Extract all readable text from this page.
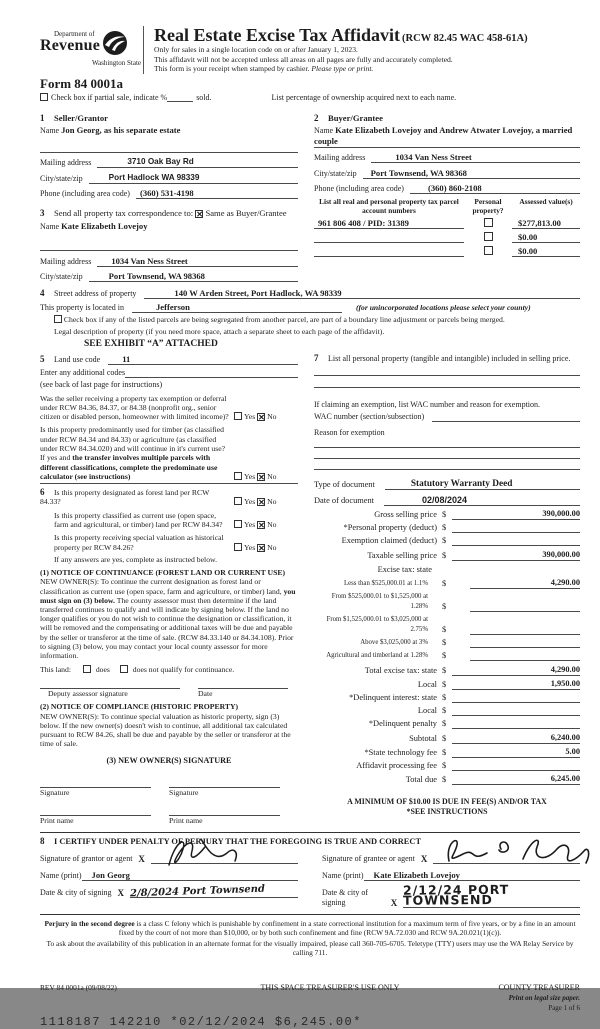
Department of
Revenue
Washington State
Real Estate Excise Tax Affidavit (RCW 82.45 WAC 458-61A)
Only for sales in a single location code on or after January 1, 2023.
This affidavit will not be accepted unless all areas on all pages are fully and accurately completed.
This form is your receipt when stamped by cashier. Please type or print.
Form 84 0001a
Check box if partial sale, indicate %	sold.	List percentage of ownership acquired next to each name.
1 Seller/Grantor
Name Jon Georg, as his separate estate
Mailing address	3710 Oak Bay Rd
City/state/zip	Port Hadlock WA 98339
Phone (including area code)	(360) 531-4198
3 Send all property tax correspondence to: ✕ Same as Buyer/Grantee
Name Kate Elizabeth Lovejoy
Mailing address	1034 Van Ness Street
City/state/zip	Port Townsend, WA 98368
2 Buyer/Grantee
Name Kate Elizabeth Lovejoy and Andrew Atwater Lovejoy, a married couple
Mailing address	1034 Van Ness Street
City/state/zip	Port Townsend, WA 98368
Phone (including area code)	(360) 860-2108
List all real and personal property tax parcel account numbers
Personal property?
Assessed value(s)
961 806 408 / PID: 31389	$277,813.00
$0.00
$0.00
4	Street address of property	140 W Arden Street, Port Hadlock, WA 98339
This property is located in	Jefferson	(for unincorporated locations please select your county)
Check box if any of the listed parcels are being segregated from another parcel, are part of a boundary line adjustment or parcels being merged.
Legal description of property (if you need more space, attach a separate sheet to each page of the affidavit).
SEE EXHIBIT “A” ATTACHED
5	Land use code	11
Enter any additional codes
(see back of last page for instructions)
Was the seller receiving a property tax exemption or deferral under RCW 84.36, 84.37, or 84.38 (nonprofit org., senior citizen or disabled person, homeowner with limited income)?	Yes ✕ No
Is this property predominantly used for timber (as classified under RCW 84.34 and 84.33) or agriculture (as classified under RCW 84.34.020) and will continue in it's current use? If yes and the transfer involves multiple parcels with different classifications, complete the predominate use calculator (see instructions)	Yes ✕ No
6 Is this property designated as forest land per RCW 84.33?	Yes ✕ No
Is this property classified as current use (open space, farm and agricultural, or timber) land per RCW 84.34?	Yes ✕ No
Is this property receiving special valuation as historical property per RCW 84.26?	Yes ✕ No
If any answers are yes, complete as instructed below.
(1) NOTICE OF CONTINUANCE (FOREST LAND OR CURRENT USE)
NEW OWNER(S): To continue the current designation as forest land or classification as current use (open space, farm and agriculture, or timber) land, you must sign on (3) below. The county assessor must then determine if the land transferred continues to qualify and will indicate by signing below. If the land no longer qualifies or you do not wish to continue the designation or classification, it will be removed and the compensating or additional taxes will be due and payable by the seller or transferor at the time of sale. (RCW 84.33.140 or 84.34.108). Prior to signing (3) below, you may contact your local county assessor for more information.
This land:	does	does not qualify for continuance.
Deputy assessor signature	Date
(2) NOTICE OF COMPLIANCE (HISTORIC PROPERTY)
NEW OWNER(S): To continue special valuation as historic property, sign (3) below. If the new owner(s) doesn't wish to continue, all additional tax calculated pursuant to RCW 84.26, shall be due and payable by the seller or transferor at the time of sale.
(3) NEW OWNER(S) SIGNATURE
Signature	Signature
Print name	Print name
7 List all personal property (tangible and intangible) included in selling price.
If claiming an exemption, list WAC number and reason for exemption.
WAC number (section/subsection)
Reason for exemption
Type of document	Statutory Warranty Deed
Date of document	02/08/2024
Gross selling price $	390,000.00
*Personal property (deduct) $
Exemption claimed (deduct) $
Taxable selling price $	390,000.00
Excise tax: state
Less than $525,000.01 at 1.1%	$	4,290.00
From $525,000.01 to $1,525,000 at 1.28%	$
From $1,525,000.01 to $3,025,000 at 2.75%	$
Above $3,025,000 at 3%	$
Agricultural and timberland at 1.28%	$
Total excise tax: state $	4,290.00
Local $	1,950.00
*Delinquent interest: state $
Local $
*Delinquent penalty $
Subtotal $	6,240.00
*State technology fee $	5.00
Affidavit processing fee $
Total due $	6,245.00
A MINIMUM OF $10.00 IS DUE IN FEE(S) AND/OR TAX
*SEE INSTRUCTIONS
8 I CERTIFY UNDER PENALTY OF PERJURY THAT THE FOREGOING IS TRUE AND CORRECT
Signature of grantor or agent X
Name (print)	Jon Georg
Date & city of signing X 2/8/2024 Port Townsend
Signature of grantee or agent X
Name (print)	Kate Elizabeth Lovejoy
Date & city of signing	X
2/12/24 PORT TOWNSEND
Perjury in the second degree is a class C felony which is punishable by confinement in a state correctional institution for a maximum term of five years, or by a fine in an amount fixed by the court of not more than $10,000, or by both such confinement and fine (RCW 9A.72.030 and RCW 9A.20.021(1)(c)).
To ask about the availability of this publication in an alternate format for the visually impaired, please call 360-705-6705. Teletype (TTY) users may use the WA Relay Service by calling 711.
REV 84 0001a (09/08/22)	THIS SPACE TREASURER'S USE ONLY	COUNTY TREASURER
Print on legal size paper.
Page 1 of 6
1118187 142210 *02/12/2024 $6,245.00*
